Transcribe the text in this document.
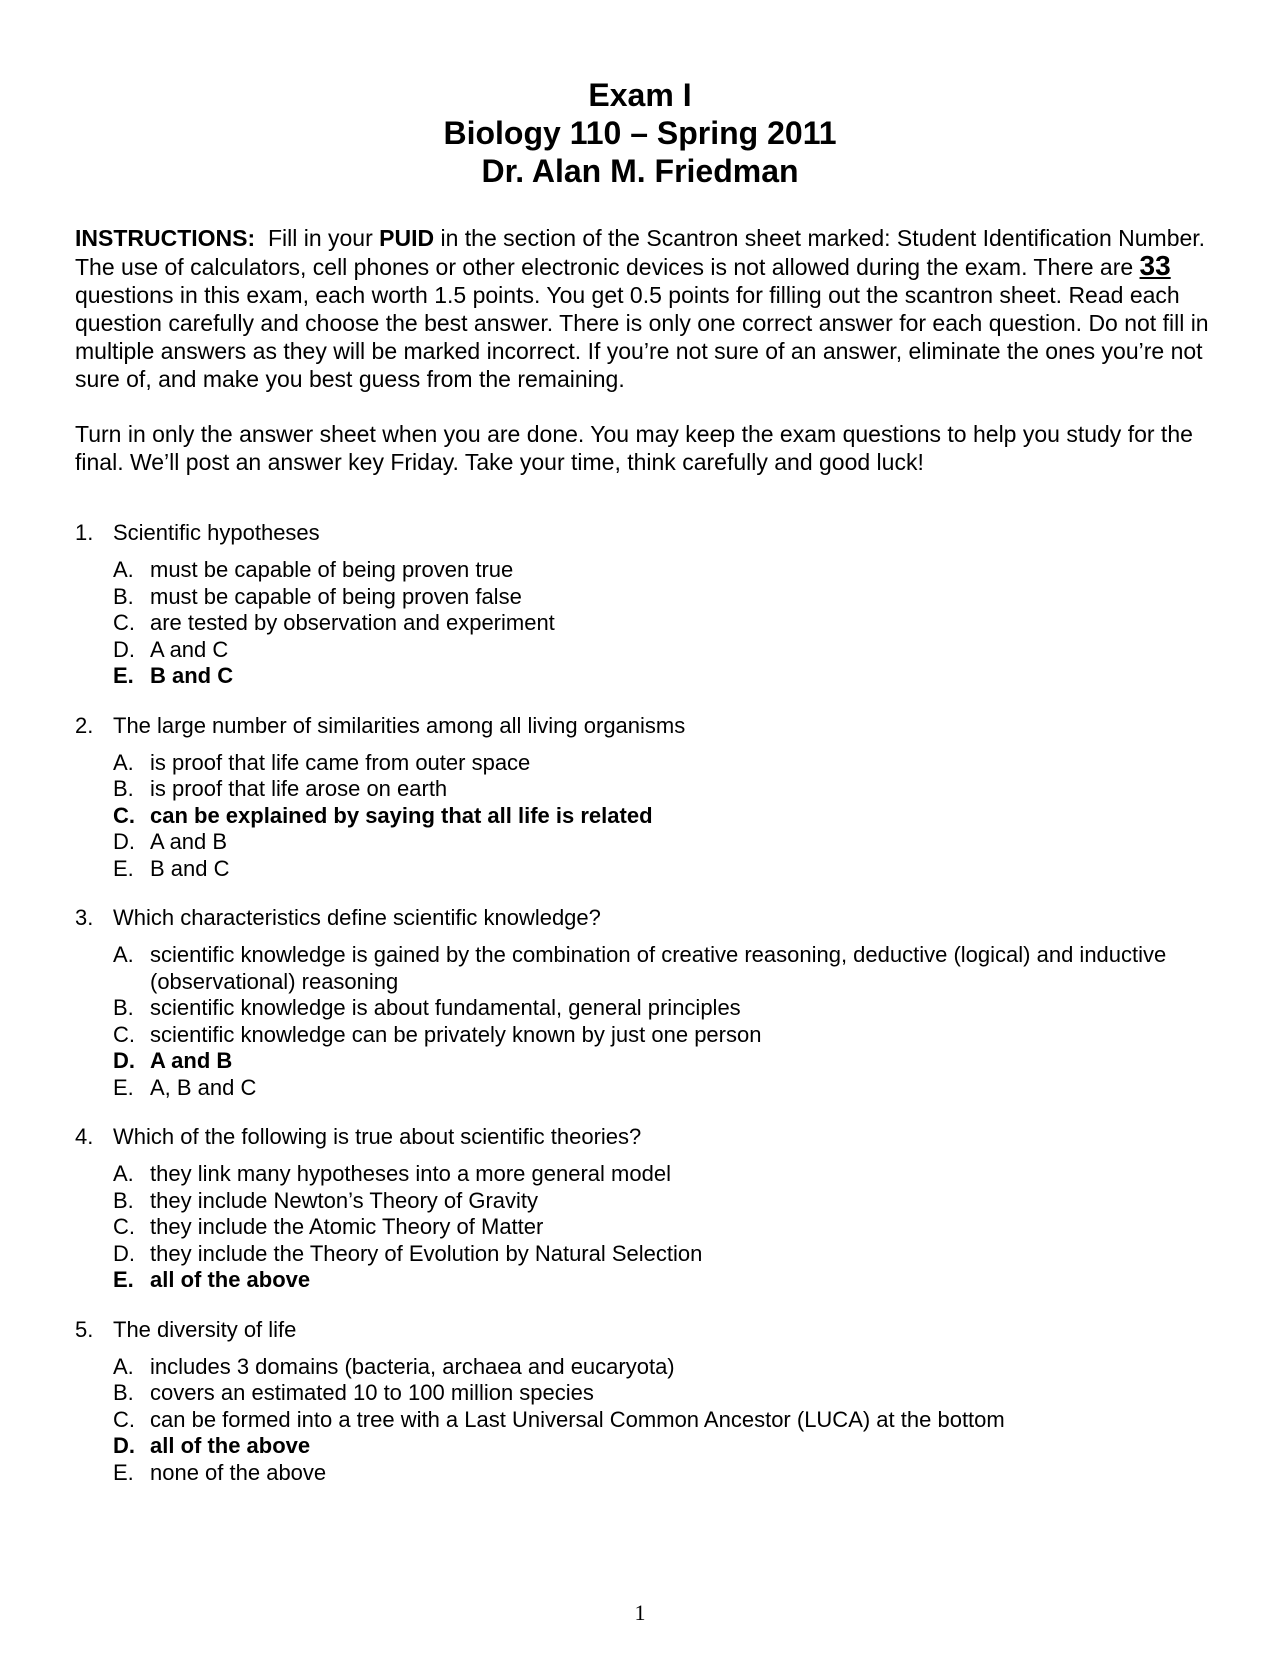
Exam I
Biology 110 – Spring 2011
Dr. Alan M. Friedman

INSTRUCTIONS: Fill in your PUID in the section of the Scantron sheet marked: Student Identification Number. The use of calculators, cell phones or other electronic devices is not allowed during the exam. There are 33 questions in this exam, each worth 1.5 points. You get 0.5 points for filling out the scantron sheet. Read each question carefully and choose the best answer. There is only one correct answer for each question. Do not fill in multiple answers as they will be marked incorrect. If you’re not sure of an answer, eliminate the ones you’re not sure of, and make you best guess from the remaining.

Turn in only the answer sheet when you are done. You may keep the exam questions to help you study for the final. We’ll post an answer key Friday. Take your time, think carefully and good luck!

1. Scientific hypotheses
A. must be capable of being proven true
B. must be capable of being proven false
C. are tested by observation and experiment
D. A and C
E. B and C
2. The large number of similarities among all living organisms
A. is proof that life came from outer space
B. is proof that life arose on earth
C. can be explained by saying that all life is related
D. A and B
E. B and C
3. Which characteristics define scientific knowledge?
A. scientific knowledge is gained by the combination of creative reasoning, deductive (logical) and inductive (observational) reasoning
B. scientific knowledge is about fundamental, general principles
C. scientific knowledge can be privately known by just one person
D. A and B
E. A, B and C
4. Which of the following is true about scientific theories?
A. they link many hypotheses into a more general model
B. they include Newton’s Theory of Gravity
C. they include the Atomic Theory of Matter
D. they include the Theory of Evolution by Natural Selection
E. all of the above
5. The diversity of life
A. includes 3 domains (bacteria, archaea and eucaryota)
B. covers an estimated 10 to 100 million species
C. can be formed into a tree with a Last Universal Common Ancestor (LUCA) at the bottom
D. all of the above
E. none of the above
1
